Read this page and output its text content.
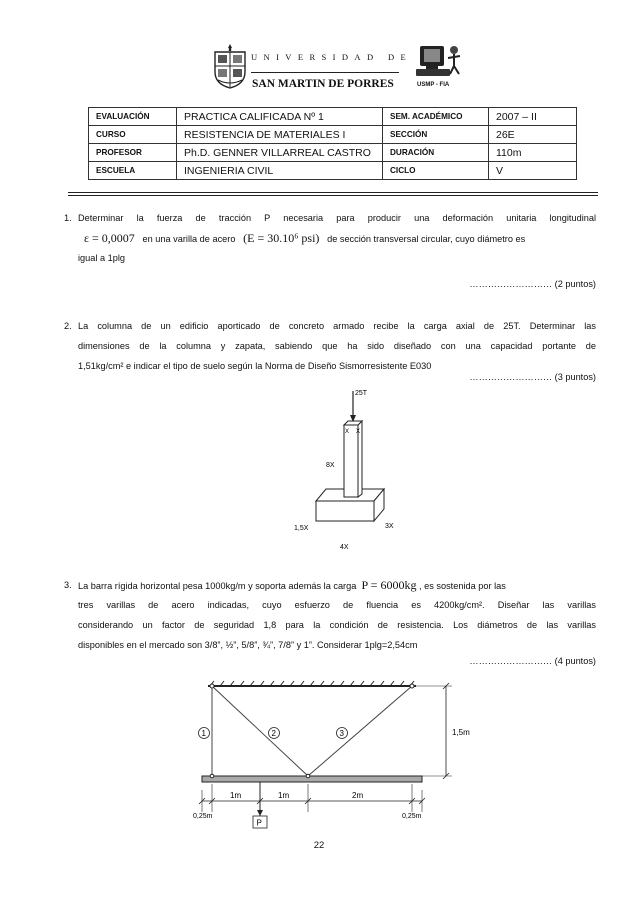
UNIVERSIDAD DE
SAN MARTIN DE PORRES	USMP - FIA
EVALUACIÓN	PRACTICA CALIFICADA Nº 1	SEM. ACADÉMICO	2007 – II
CURSO	RESISTENCIA DE MATERIALES I	SECCIÓN	26E
PROFESOR	Ph.D. GENNER VILLARREAL CASTRO	DURACIÓN	110m
ESCUELA	INGENIERIA CIVIL	CICLO	V
1. Determinar la fuerza de tracción P necesaria para producir una deformación unitaria longitudinal
ε = 0,0007 en una varilla de acero (E = 30.10⁶ psi) de sección transversal circular, cuyo diámetro es
igual a 1plg
……………………… (2 puntos)
2. La columna de un edificio aporticado de concreto armado recibe la carga axial de 25T. Determinar las
dimensiones de la columna y zapata, sabiendo que ha sido diseñado con una capacidad portante de
1,51kg/cm² e indicar el tipo de suelo según la Norma de Diseño Sismorresistente E030
……………………… (3 puntos)
25T
X X
8X
1,5X	3X
4X
3. La barra rígida horizontal pesa 1000kg/m y soporta además la carga P = 6000kg , es sostenida por las
tres varillas de acero indicadas, cuyo esfuerzo de fluencia es 4200kg/cm². Diseñar las varillas
considerando un factor de seguridad 1,8 para la condición de resistencia. Los diámetros de las varillas
disponibles en el mercado son 3/8”, ½”, 5/8”, ¾”, 7/8” y 1”. Considerar 1plg=2,54cm
……………………… (4 puntos)
1	2	3	1,5m
1m	1m	2m
0,25m	0,25m
P
22
